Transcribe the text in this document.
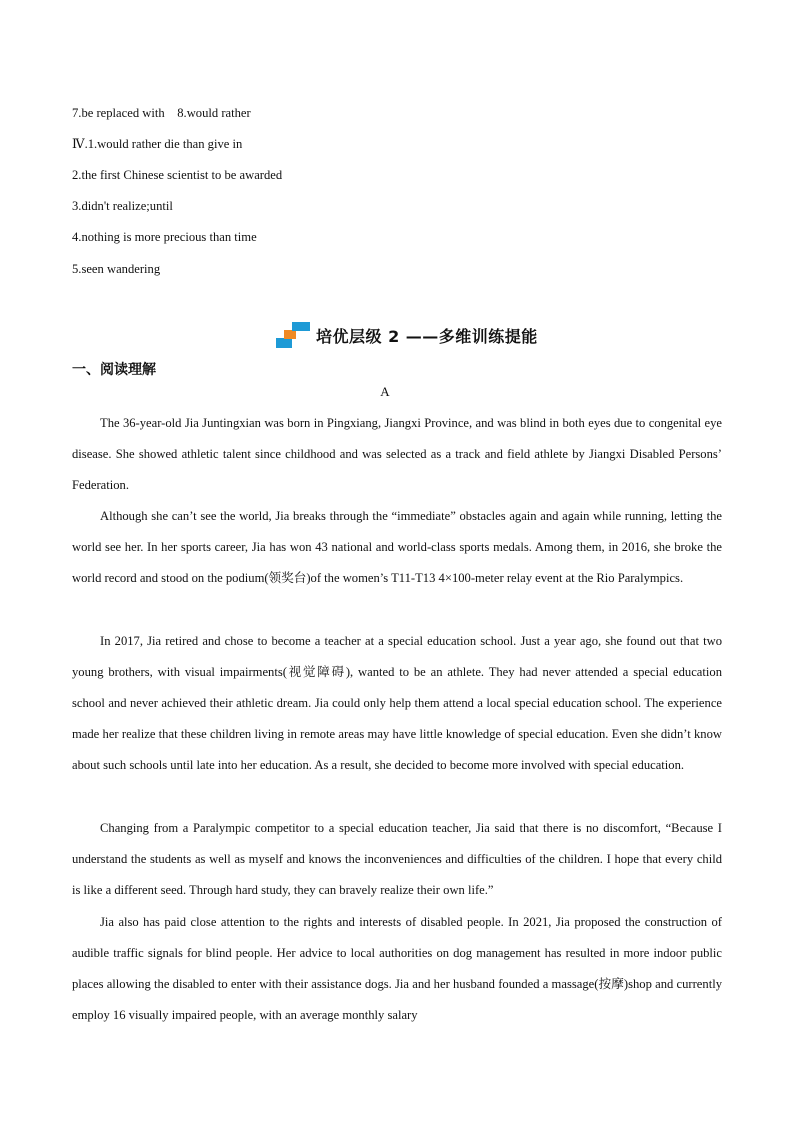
7.be replaced with    8.would rather
Ⅳ.1.would rather die than give in
2.the first Chinese scientist to be awarded
3.didn't realize;until
4.nothing is more precious than time
5.seen wandering
培优层级 2 ——多维训练提能
一、阅读理解
A

The 36-year-old Jia Juntingxian was born in Pingxiang, Jiangxi Province, and was blind in both eyes due to congenital eye disease. She showed athletic talent since childhood and was selected as a track and field athlete by Jiangxi Disabled Persons’ Federation.

Although she can’t see the world, Jia breaks through the “immediate” obstacles again and again while running, letting the world see her. In her sports career, Jia has won 43 national and world-class sports medals. Among them, in 2016, she broke the world record and stood on the podium(领奖台)of the women’s T11-T13 4×100-meter relay event at the Rio Paralympics.

In 2017, Jia retired and chose to become a teacher at a special education school. Just a year ago, she found out that two young brothers, with visual impairments(视觉障碍), wanted to be an athlete. They had never attended a special education school and never achieved their athletic dream. Jia could only help them attend a local special education school. The experience made her realize that these children living in remote areas may have little knowledge of special education. Even she didn’t know about such schools until late into her education. As a result, she decided to become more involved with special education.

Changing from a Paralympic competitor to a special education teacher, Jia said that there is no discomfort, “Because I understand the students as well as myself and knows the inconveniences and difficulties of the children. I hope that every child is like a different seed. Through hard study, they can bravely realize their own life.”

Jia also has paid close attention to the rights and interests of disabled people. In 2021, Jia proposed the construction of audible traffic signals for blind people. Her advice to local authorities on dog management has resulted in more indoor public places allowing the disabled to enter with their assistance dogs. Jia and her husband founded a massage(按摩)shop and currently employ 16 visually impaired people, with an average monthly salary
